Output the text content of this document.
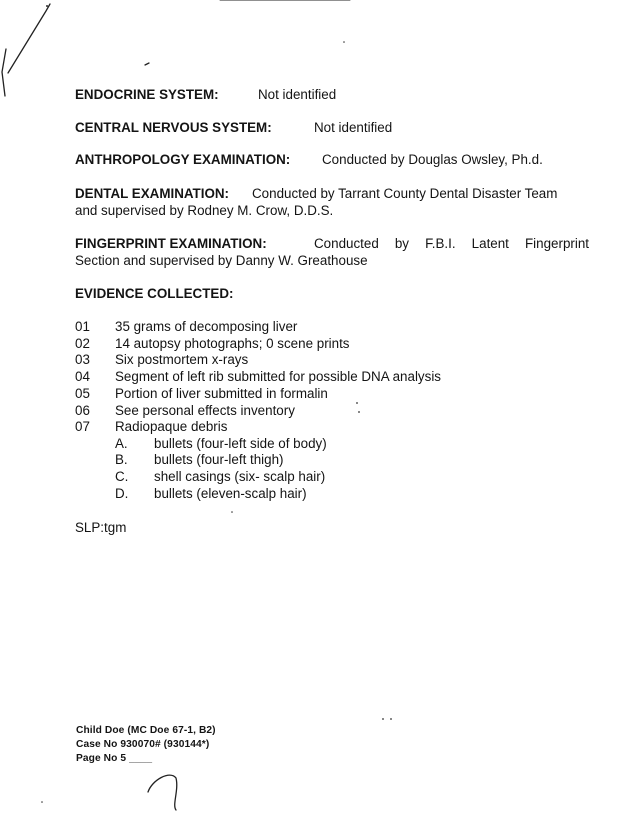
ENDOCRINE SYSTEM:	Not identified
CENTRAL NERVOUS SYSTEM:	Not identified
ANTHROPOLOGY EXAMINATION: Conducted by Douglas Owsley, Ph.d.
DENTAL EXAMINATION: Conducted by Tarrant County Dental Disaster Team
and supervised by Rodney M. Crow, D.D.S.
FINGERPRINT EXAMINATION:	Conducted by F.B.I. Latent Fingerprint
Section and supervised by Danny W. Greathouse
EVIDENCE COLLECTED:
01 35 grams of decomposing liver
02 14 autopsy photographs; 0 scene prints
03 Six postmortem x-rays
04 Segment of left rib submitted for possible DNA analysis
05 Portion of liver submitted in formalin
06 See personal effects inventory
07 Radiopaque debris
A. bullets (four-left side of body)
B. bullets (four-left thigh)
C. shell casings (six- scalp hair)
D. bullets (eleven-scalp hair)
SLP:tgm
Child Doe (MC Doe 67-1, B2)
Case No 930070# (930144*)
Page No 5 ____
